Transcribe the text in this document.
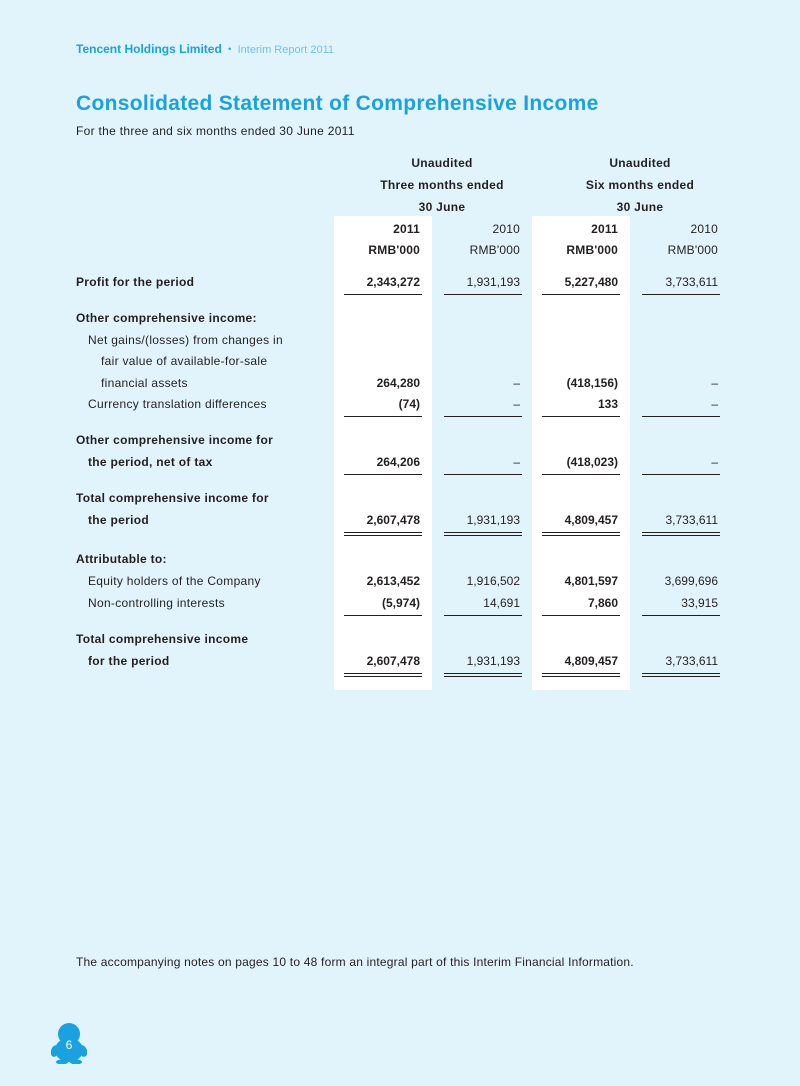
Tencent Holdings Limited • Interim Report 2011
Consolidated Statement of Comprehensive Income
For the three and six months ended 30 June 2011
Unaudited
Three months ended
30 June
Unaudited
Six months ended
30 June
2011	2010	2011	2010
RMB'000	RMB'000	RMB'000	RMB'000
Profit for the period	2,343,272	1,931,193	5,227,480	3,733,611
Other comprehensive income:
Net gains/(losses) from changes in
fair value of available-for-sale
financial assets	264,280	–	(418,156)	–
Currency translation differences	(74)	–	133	–
Other comprehensive income for
the period, net of tax	264,206	–	(418,023)	–
Total comprehensive income for
the period	2,607,478	1,931,193	4,809,457	3,733,611
Attributable to:
Equity holders of the Company	2,613,452	1,916,502	4,801,597	3,699,696
Non-controlling interests	(5,974)	14,691	7,860	33,915
Total comprehensive income
for the period	2,607,478	1,931,193	4,809,457	3,733,611
The accompanying notes on pages 10 to 48 form an integral part of this Interim Financial Information.
6
